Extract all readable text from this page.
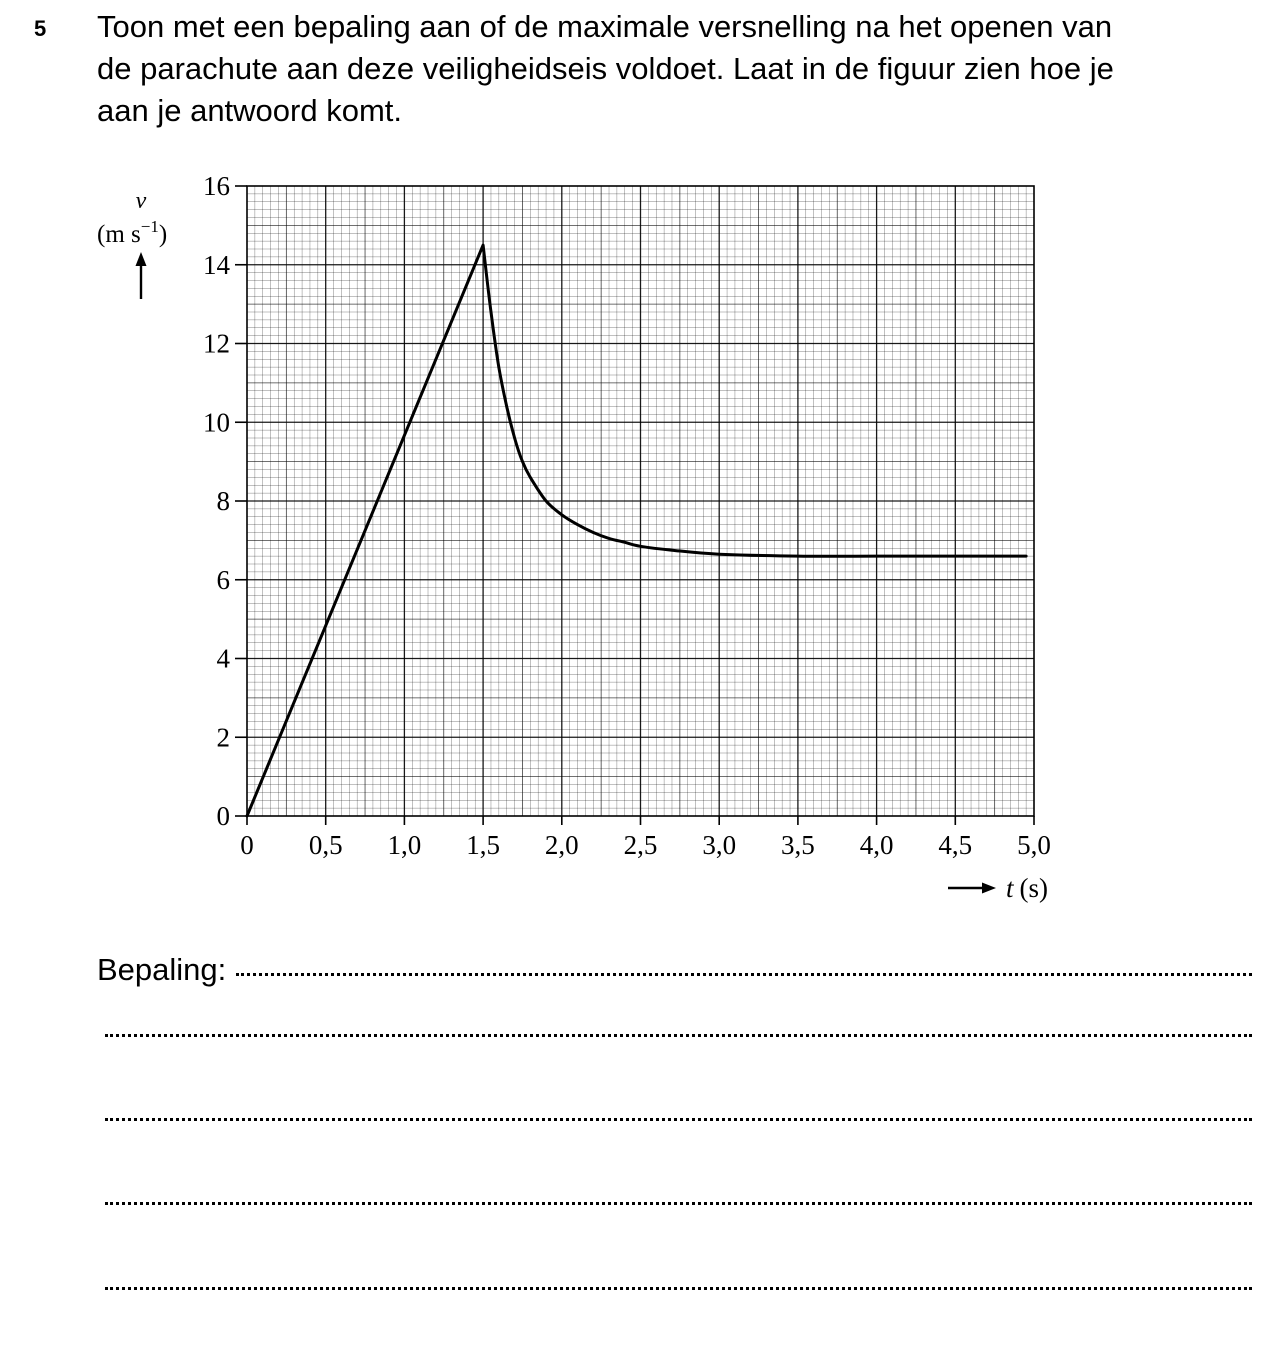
5 Toon met een bepaling aan of de maximale versnelling na het openen van
de parachute aan deze veiligheidseis voldoet. Laat in de figuur zien hoe je
aan je antwoord komt.

0 0,5 1,0 1,5 2,0 2,5 3,0 3,5 4,0 4,5 5,0
0
2
4
6
8
10
12
14
16
v
(m $s^{-1}$)
t (s)
Bepaling:
